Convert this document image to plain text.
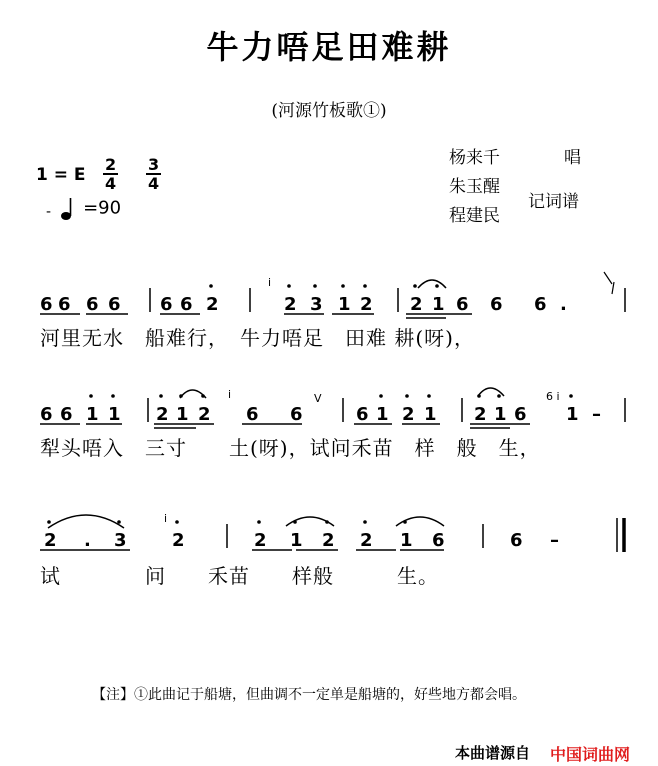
牛力唔足田难耕
(河源竹板歌①)
1 = E $\frac{2}{4} \frac{3}{4}$
- =90
杨来千	唱
朱玉醒
程建民
记词谱
6 6 6 6 6 6 2
i
2 3 1 2 2 1 6 6 6 .
6 6 1 1 2 1 2
i
6 6
V
6 1 2 1 2 1 6
6 i
1 –
2 . 3
i
2	2 1 2 2 1 6	6 –
河里无水　船难行，　牛力唔足　田难 耕(呀)，
犁头唔入　三寸　　土(呀)，试问禾苗　样　般　生，
试　　　　问　　禾苗　　样般　　　生。
【注】①此曲记于船塘，但曲调不一定单是船塘的，好些地方都会唱。
本曲谱源自 中国词曲网
